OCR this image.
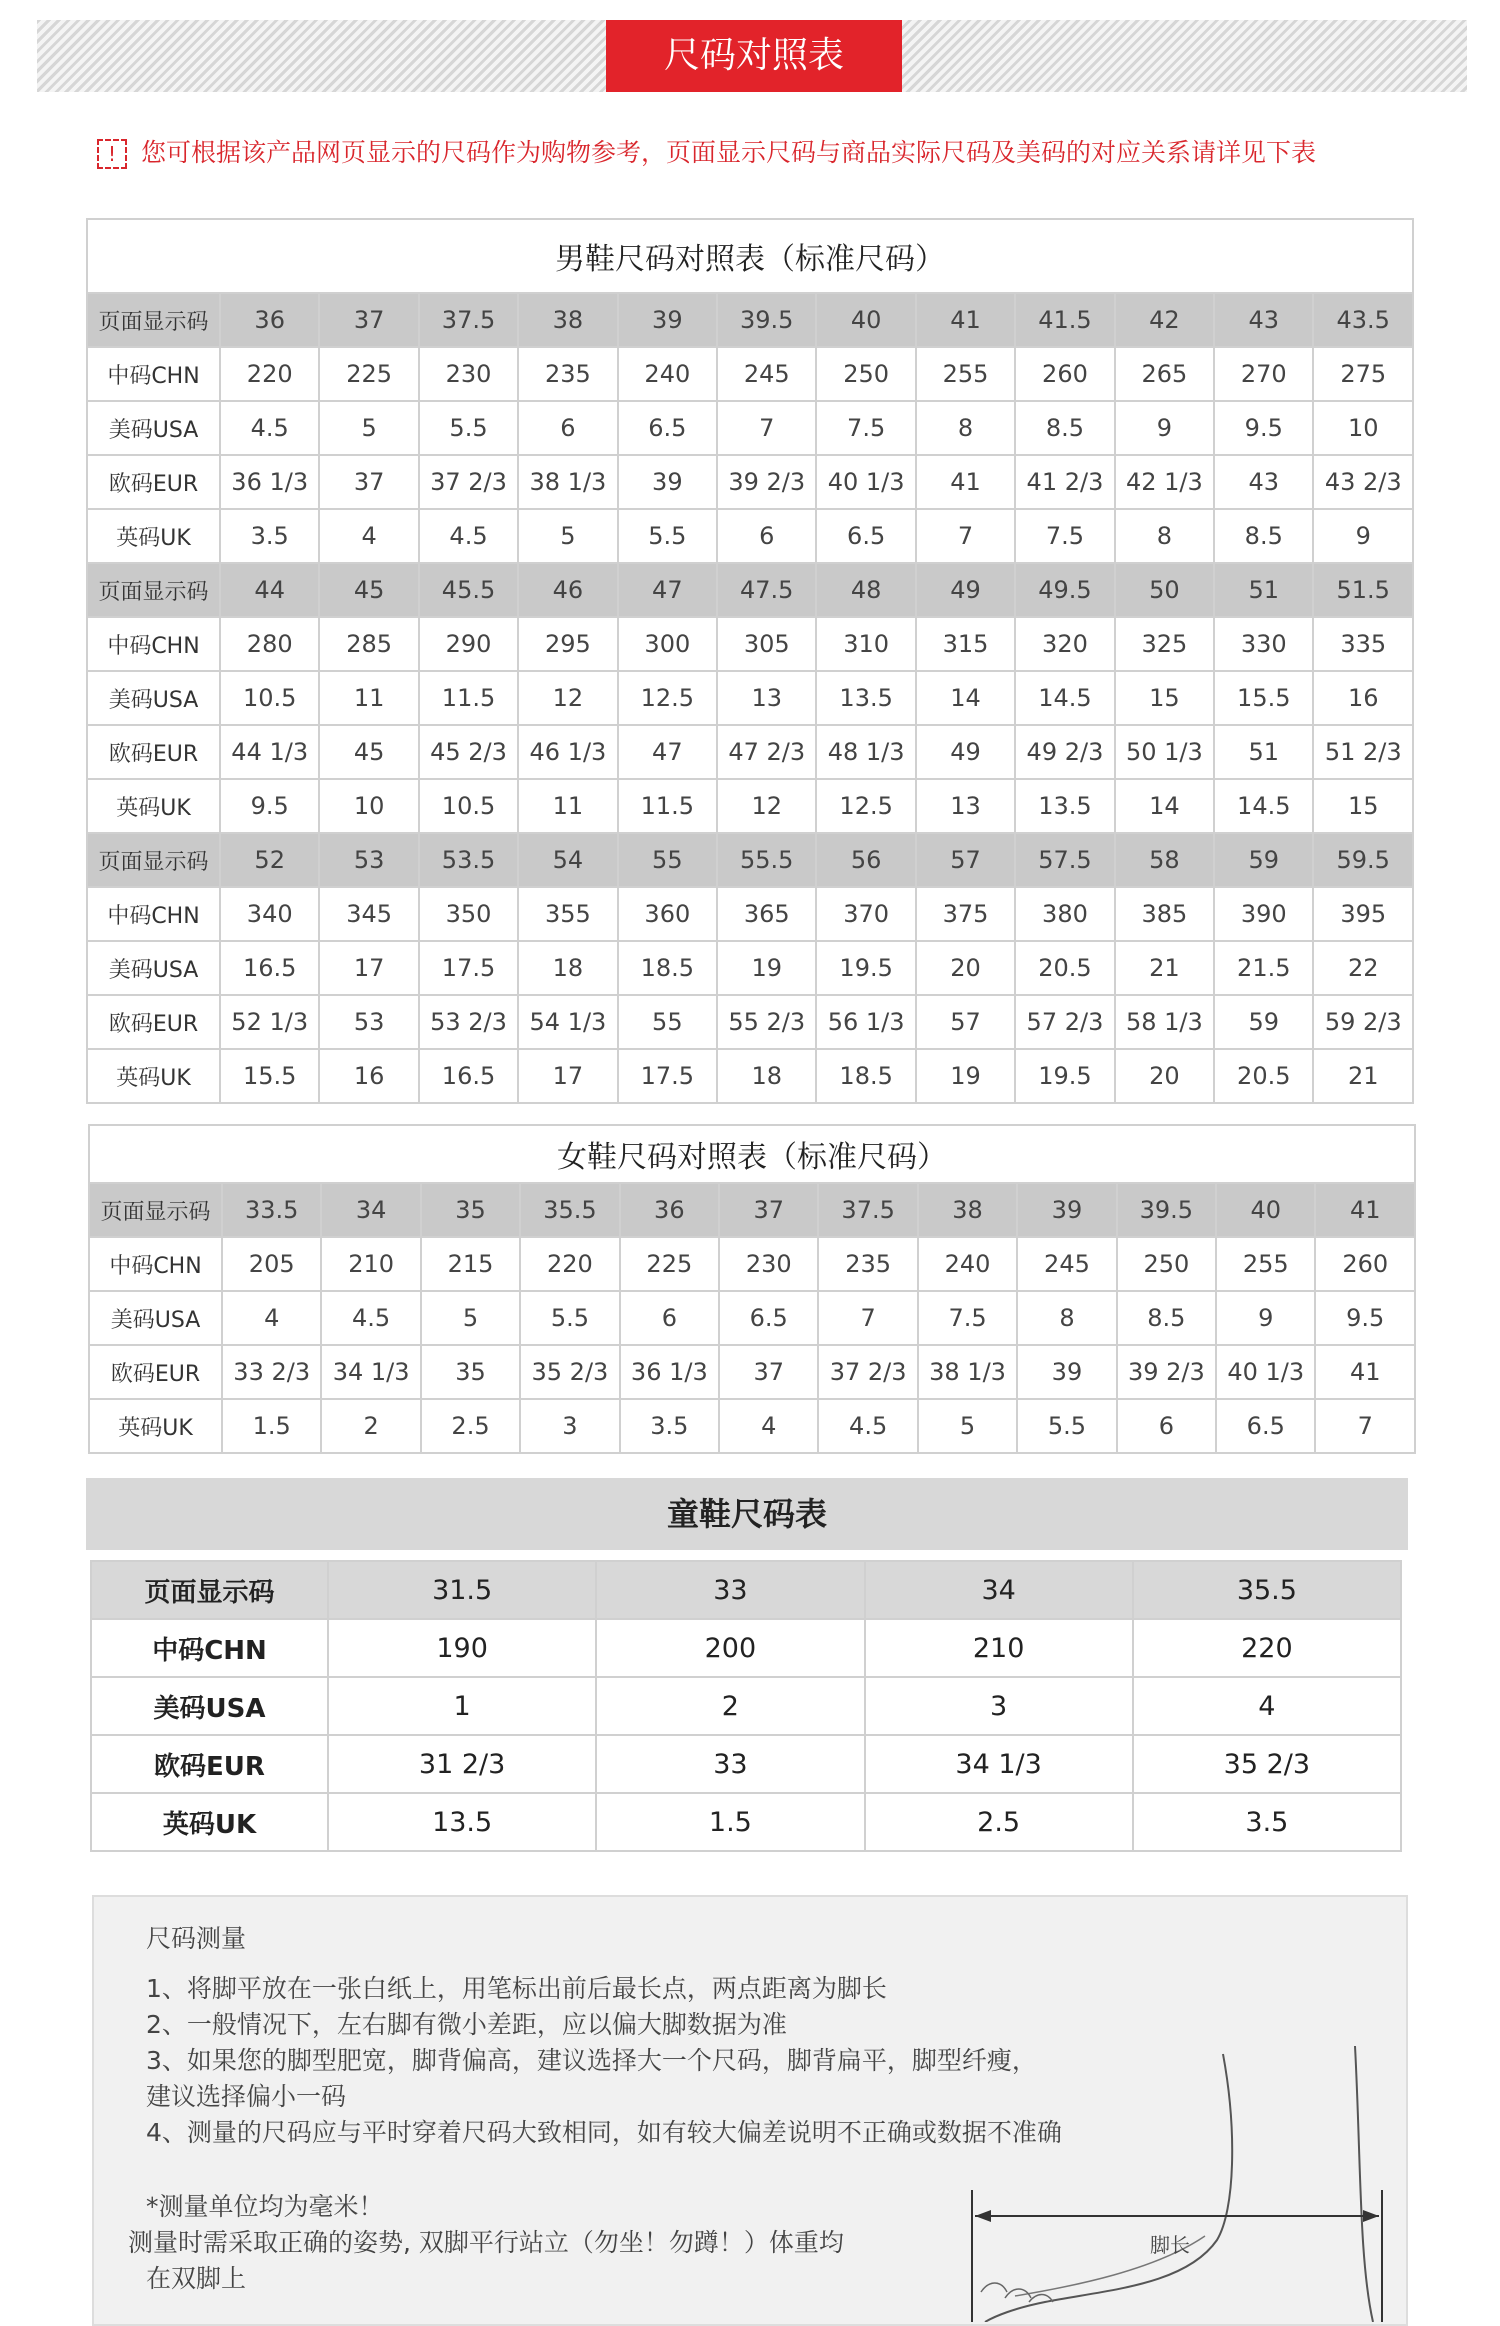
尺码对照表
! 您可根据该产品网页显示的尺码作为购物参考，页面显示尺码与商品实际尺码及美码的对应关系请详见下表
男鞋尺码对照表（标准尺码）												
页面显示码	36	37	37.5	38	39	39.5	40	41	41.5	42	43	43.5
中码CHN	220	225	230	235	240	245	250	255	260	265	270	275
美码USA	4.5	5	5.5	6	6.5	7	7.5	8	8.5	9	9.5	10
欧码EUR	36 1/3	37	37 2/3	38 1/3	39	39 2/3	40 1/3	41	41 2/3	42 1/3	43	43 2/3
英码UK	3.5	4	4.5	5	5.5	6	6.5	7	7.5	8	8.5	9
页面显示码	44	45	45.5	46	47	47.5	48	49	49.5	50	51	51.5
中码CHN	280	285	290	295	300	305	310	315	320	325	330	335
美码USA	10.5	11	11.5	12	12.5	13	13.5	14	14.5	15	15.5	16
欧码EUR	44 1/3	45	45 2/3	46 1/3	47	47 2/3	48 1/3	49	49 2/3	50 1/3	51	51 2/3
英码UK	9.5	10	10.5	11	11.5	12	12.5	13	13.5	14	14.5	15
页面显示码	52	53	53.5	54	55	55.5	56	57	57.5	58	59	59.5
中码CHN	340	345	350	355	360	365	370	375	380	385	390	395
美码USA	16.5	17	17.5	18	18.5	19	19.5	20	20.5	21	21.5	22
欧码EUR	52 1/3	53	53 2/3	54 1/3	55	55 2/3	56 1/3	57	57 2/3	58 1/3	59	59 2/3
英码UK	15.5	16	16.5	17	17.5	18	18.5	19	19.5	20	20.5	21
女鞋尺码对照表（标准尺码）												
页面显示码	33.5	34	35	35.5	36	37	37.5	38	39	39.5	40	41
中码CHN	205	210	215	220	225	230	235	240	245	250	255	260
美码USA	4	4.5	5	5.5	6	6.5	7	7.5	8	8.5	9	9.5
欧码EUR	33 2/3	34 1/3	35	35 2/3	36 1/3	37	37 2/3	38 1/3	39	39 2/3	40 1/3	41
英码UK	1.5	2	2.5	3	3.5	4	4.5	5	5.5	6	6.5	7
童鞋尺码表
页面显示码	31.5	33	34	35.5
中码CHN	190	200	210	220
美码USA	1	2	3	4
欧码EUR	31 2/3	33	34 1/3	35 2/3
英码UK	13.5	1.5	2.5	3.5

尺码测量

1、将脚平放在一张白纸上，用笔标出前后最长点，两点距离为脚长

2、一般情况下，左右脚有微小差距，应以偏大脚数据为准

3、如果您的脚型肥宽，脚背偏高，建议选择大一个尺码，脚背扁平，脚型纤瘦，

建议选择偏小一码

4、测量的尺码应与平时穿着尺码大致相同，如有较大偏差说明不正确或数据不准确

*测量单位均为毫米！

测量时需采取正确的姿势, 双脚平行站立（勿坐！勿蹲！）体重均

在双脚上

脚长
